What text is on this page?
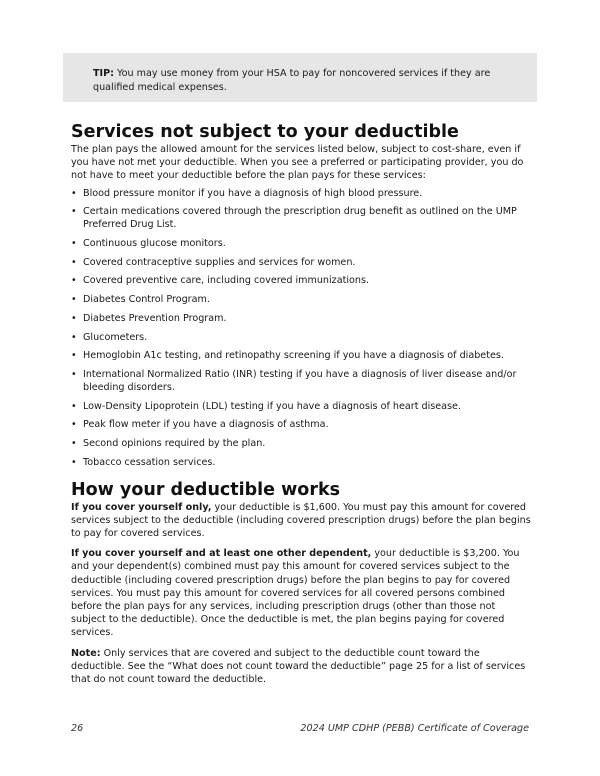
TIP: You may use money from your HSA to pay for noncovered services if they are qualified medical expenses.
Services not subject to your deductible

The plan pays the allowed amount for the services listed below, subject to cost-share, even if you have not met your deductible. When you see a preferred or participating provider, you do not have to meet your deductible before the plan pays for these services:

• Blood pressure monitor if you have a diagnosis of high blood pressure.
• Certain medications covered through the prescription drug benefit as outlined on the UMP Preferred Drug List.
• Continuous glucose monitors.
• Covered contraceptive supplies and services for women.
• Covered preventive care, including covered immunizations.
• Diabetes Control Program.
• Diabetes Prevention Program.
• Glucometers.
• Hemoglobin A1c testing, and retinopathy screening if you have a diagnosis of diabetes.
• International Normalized Ratio (INR) testing if you have a diagnosis of liver disease and/or bleeding disorders.
• Low-Density Lipoprotein (LDL) testing if you have a diagnosis of heart disease.
• Peak flow meter if you have a diagnosis of asthma.
• Second opinions required by the plan.
• Tobacco cessation services.
How your deductible works

If you cover yourself only, your deductible is $1,600. You must pay this amount for covered services subject to the deductible (including covered prescription drugs) before the plan begins to pay for covered services.

If you cover yourself and at least one other dependent, your deductible is $3,200. You and your dependent(s) combined must pay this amount for covered services subject to the deductible (including covered prescription drugs) before the plan begins to pay for covered services. You must pay this amount for covered services for all covered persons combined before the plan pays for any services, including prescription drugs (other than those not subject to the deductible). Once the deductible is met, the plan begins paying for covered services.

Note: Only services that are covered and subject to the deductible count toward the deductible. See the “What does not count toward the deductible” page 25 for a list of services that do not count toward the deductible.

26	2024 UMP CDHP (PEBB) Certificate of Coverage
